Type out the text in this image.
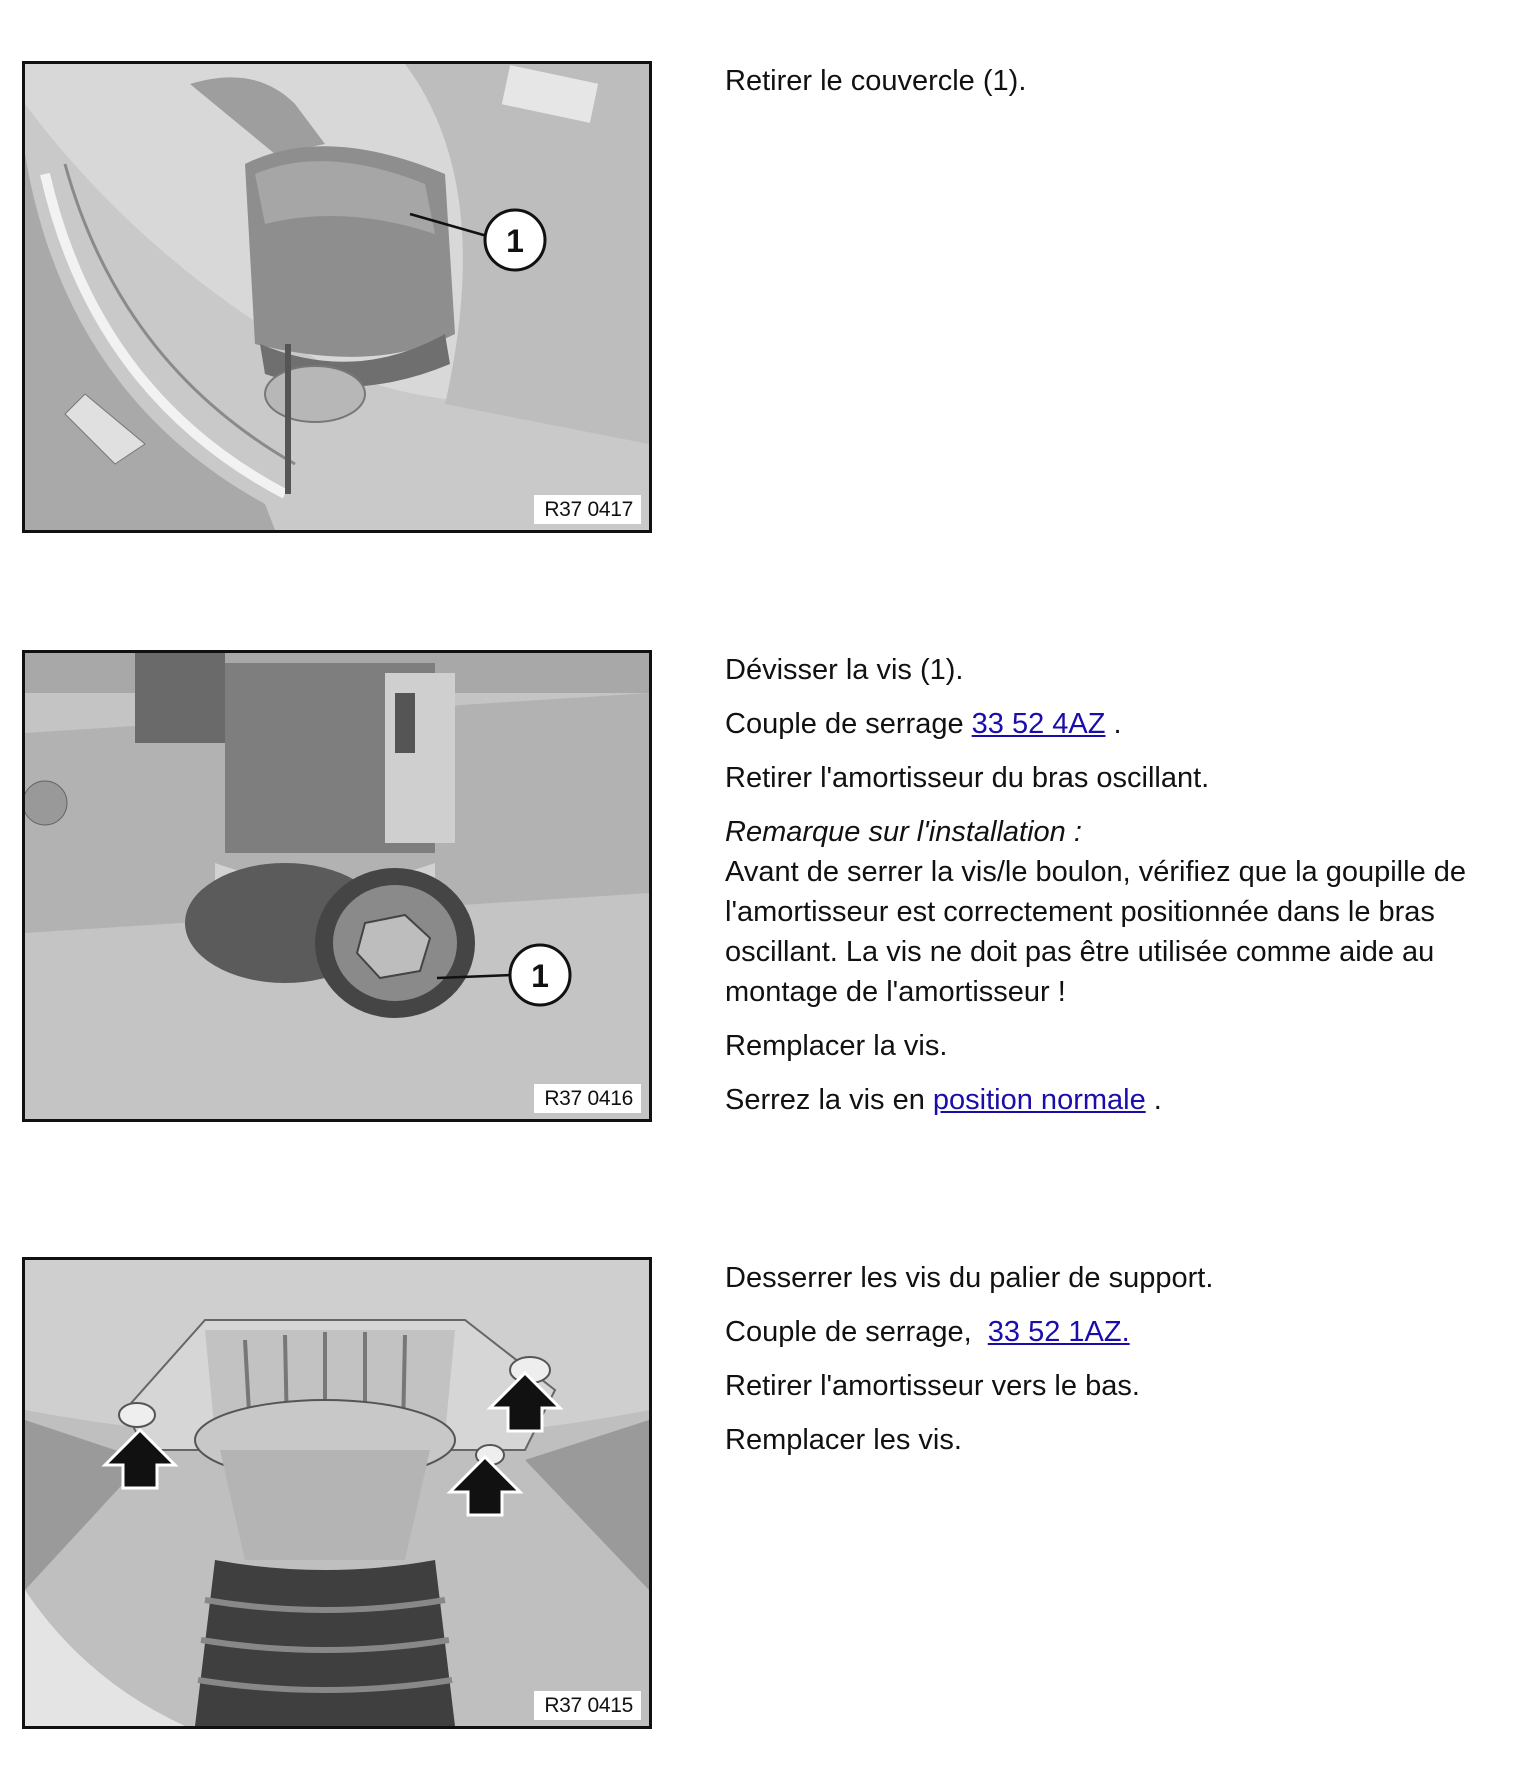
1
R37 0417

Retirer le couvercle (1).

1
R37 0416

Dévisser la vis (1).

Couple de serrage 33 52 4AZ .

Retirer l'amortisseur du bras oscillant.

Remarque sur l'installation :

Avant de serrer la vis/le boulon, vérifiez que la goupille de l'amortisseur est correctement positionnée dans le bras oscillant. La vis ne doit pas être utilisée comme aide au montage de l'amortisseur !

Remplacer la vis.

Serrez la vis en position normale .

R37 0415

Desserrer les vis du palier de support.

Couple de serrage,  33 52 1AZ.

Retirer l'amortisseur vers le bas.

Remplacer les vis.
